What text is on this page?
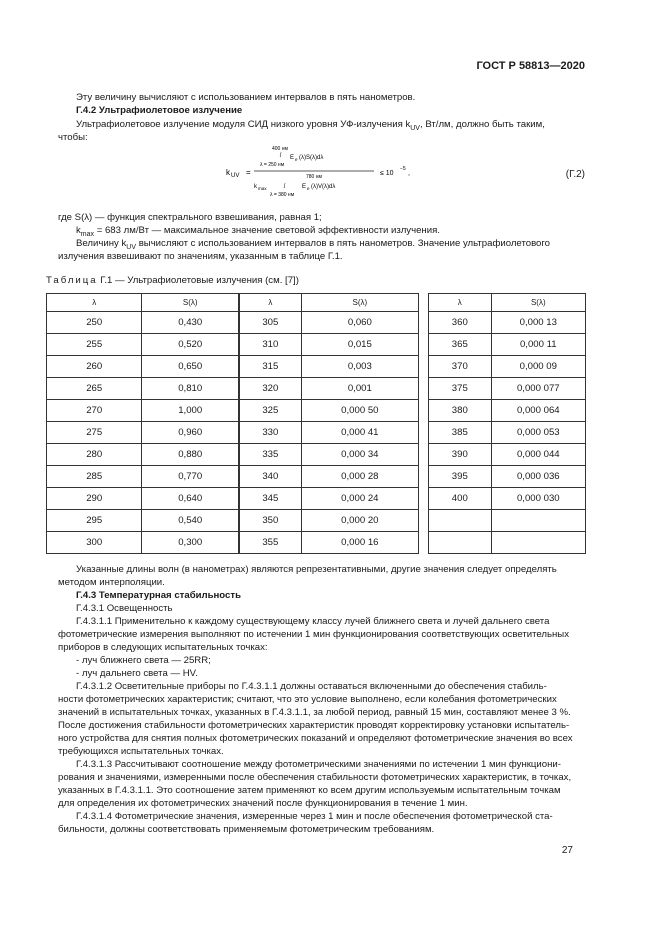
ГОСТ Р 58813—2020
Эту величину вычисляют с использованием интервалов в пять нанометров.
Г.4.2 Ультрафиолетовое излучение
Ультрафиолетовое излучение модуля СИД низкого уровня УФ-излучения $k_{UV}$, Вт/лм, должно быть таким,
чтобы:
k UV =
400 нм
∫ E e (λ)S(λ)dλ
λ = 250 нм
780 нм
k max	∫	E e (λ)V(λ)dλ
λ = 380 нм
≤ 10
−5
,	(Г.2)
где S(λ) — функция спектрального взвешивания, равная 1;
$k_{max} = 683$ лм/Вт — максимальное значение световой эффективности излучения.
Величину $k_{UV}$ вычисляют с использованием интервалов в пять нанометров. Значение ультрафиолетового
излучения взвешивают по значениям, указанным в таблице Г.1.
Таблица Г.1 — Ультрафиолетовые излучения (см. [7])
λ	S(λ)
250	0,430
255	0,520
260	0,650
265	0,810
270	1,000
275	0,960
280	0,880
285	0,770
290	0,640
295	0,540
300	0,300
λ	S(λ)
305	0,060
310	0,015
315	0,003
320	0,001
325	0,000 50
330	0,000 41
335	0,000 34
340	0,000 28
345	0,000 24
350	0,000 20
355	0,000 16
λ	S(λ)
360	0,000 13
365	0,000 11
370	0,000 09
375	0,000 077
380	0,000 064
385	0,000 053
390	0,000 044
395	0,000 036
400	0,000 030

Указанные длины волн (в нанометрах) являются репрезентативными, другие значения следует определять
методом интерполяции.
Г.4.3 Температурная стабильность
Г.4.3.1 Освещенность
Г.4.3.1.1 Применительно к каждому существующему классу лучей ближнего света и лучей дальнего света
фотометрические измерения выполняют по истечении 1 мин функционирования соответствующих осветительных
приборов в следующих испытательных точках:
- луч ближнего света — 25RR;
- луч дальнего света — HV.
Г.4.3.1.2 Осветительные приборы по Г.4.3.1.1 должны оставаться включенными до обеспечения стабиль-
ности фотометрических характеристик; считают, что это условие выполнено, если колебания фотометрических
значений в испытательных точках, указанных в Г.4.3.1.1, за любой период, равный 15 мин, составляют менее 3 %.
После достижения стабильности фотометрических характеристик проводят корректировку установки испытатель-
ного устройства для снятия полных фотометрических показаний и определяют фотометрические значения во всех
требующихся испытательных точках.
Г.4.3.1.3 Рассчитывают соотношение между фотометрическими значениями по истечении 1 мин функциони-
рования и значениями, измеренными после обеспечения стабильности фотометрических характеристик, в точках,
указанных в Г.4.3.1.1. Это соотношение затем применяют ко всем другим используемым испытательным точкам
для определения их фотометрических значений после функционирования в течение 1 мин.
Г.4.3.1.4 Фотометрические значения, измеренные через 1 мин и после обеспечения фотометрической ста-
бильности, должны соответствовать применяемым фотометрическим требованиям.
27
